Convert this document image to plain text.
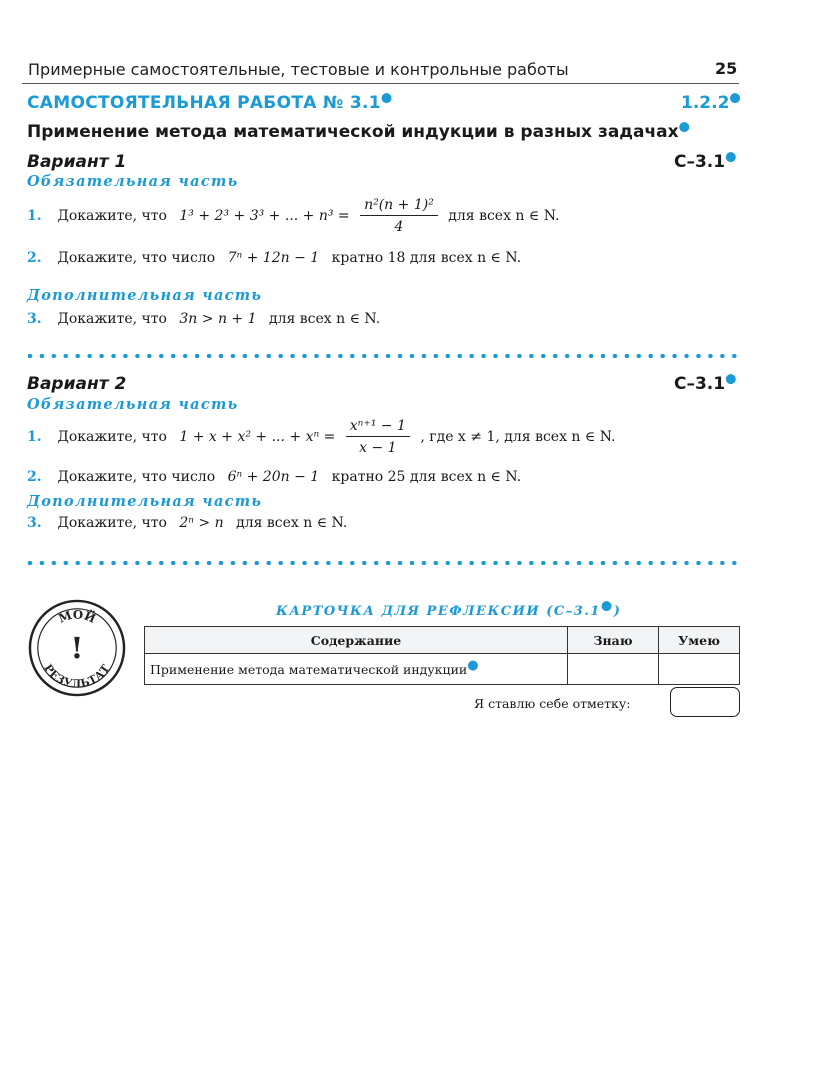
Примерные самостоятельные, тестовые и контрольные работы	25
САМОСТОЯТЕЛЬНАЯ РАБОТА № 3.1●	1.2.2●
Применение метода математической индукции в разных задачах●
Вариант 1	С–3.1●
Обязательная часть
1. Докажите, что 1³ + 2³ + 3³ + ... + $n^3 = \frac{\text{n²(n + 1)²}}{4}$ для всех n ∈ N.
2. Докажите, что число 7ⁿ + 12n − 1 кратно 18 для всех n ∈ N.
Дополнительная часть
3. Докажите, что 3n > n + 1 для всех n ∈ N.
Вариант 2	С–3.1●
Обязательная часть
1. Докажите, что 1 + x + x² + ... + $x^n = \frac{\text{xⁿ⁺¹ − 1}}{x - 1}$ , где x ≠ 1, для всех n ∈ N.
2. Докажите, что число 6ⁿ + 20n − 1 кратно 25 для всех n ∈ N.
Дополнительная часть
3. Докажите, что 2ⁿ > n для всех n ∈ N.
МОЙ
РЕЗУЛЬТАТ
!
КАРТОЧКА ДЛЯ РЕФЛЕКСИИ (С–3.1●)
Содержание	Знаю	Умею
Применение метода математической индукции●		
Я ставлю себе отметку:
